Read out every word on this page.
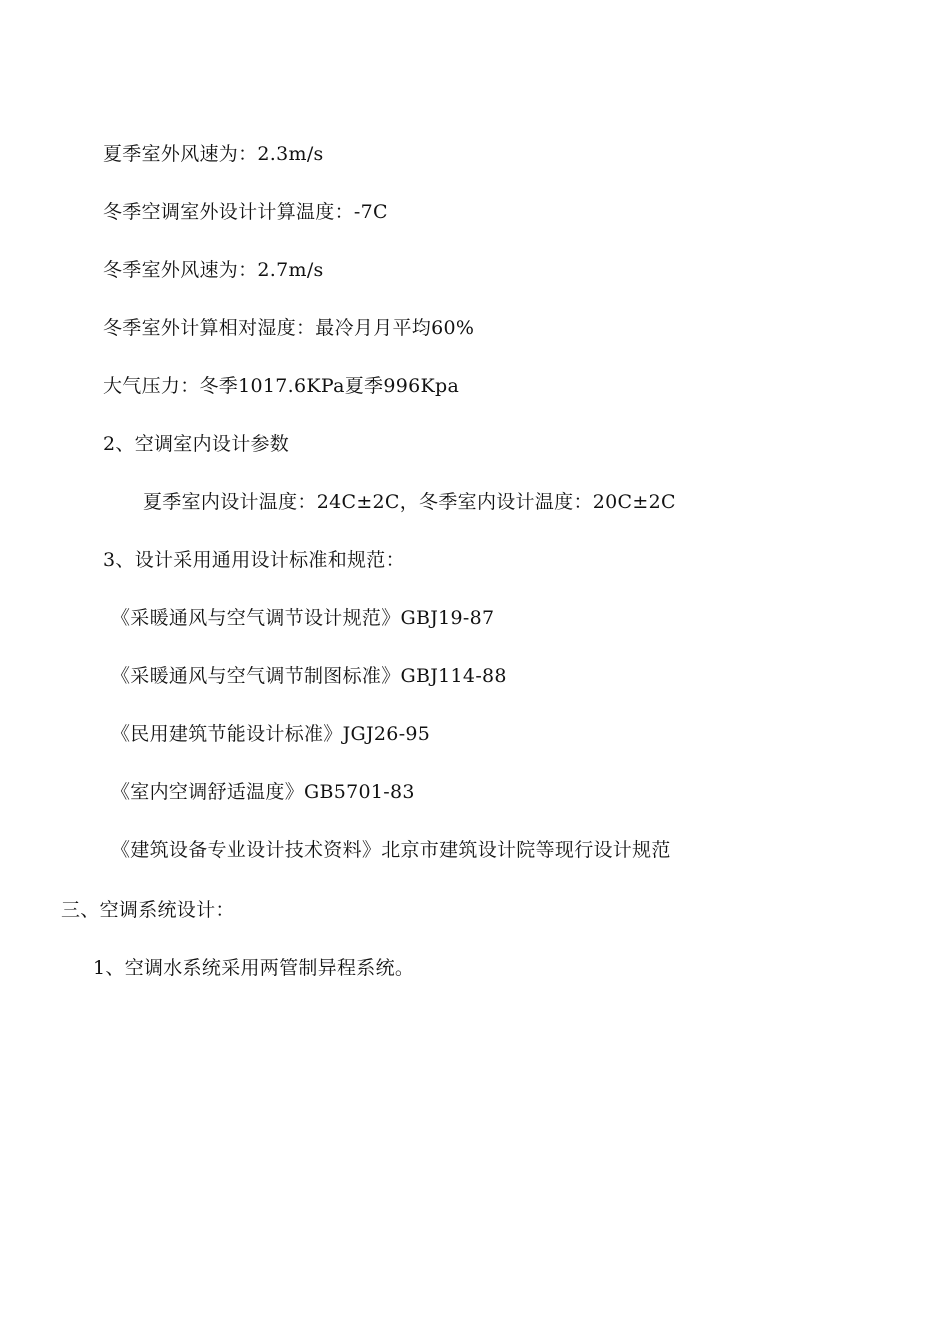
夏季室外风速为：2.3m/s
冬季空调室外设计计算温度：-7C
冬季室外风速为：2.7m/s
冬季室外计算相对湿度：最冷月月平均60%
大气压力：冬季1017.6KPa夏季996Kpa
2、空调室内设计参数
夏季室内设计温度：24C±2C，冬季室内设计温度：20C±2C
3、设计采用通用设计标准和规范：
《采暖通风与空气调节设计规范》GBJ19-87
《采暖通风与空气调节制图标准》GBJ114-88
《民用建筑节能设计标准》JGJ26-95
《室内空调舒适温度》GB5701-83
《建筑设备专业设计技术资料》北京市建筑设计院等现行设计规范
三、空调系统设计：
1、空调水系统采用两管制异程系统。
